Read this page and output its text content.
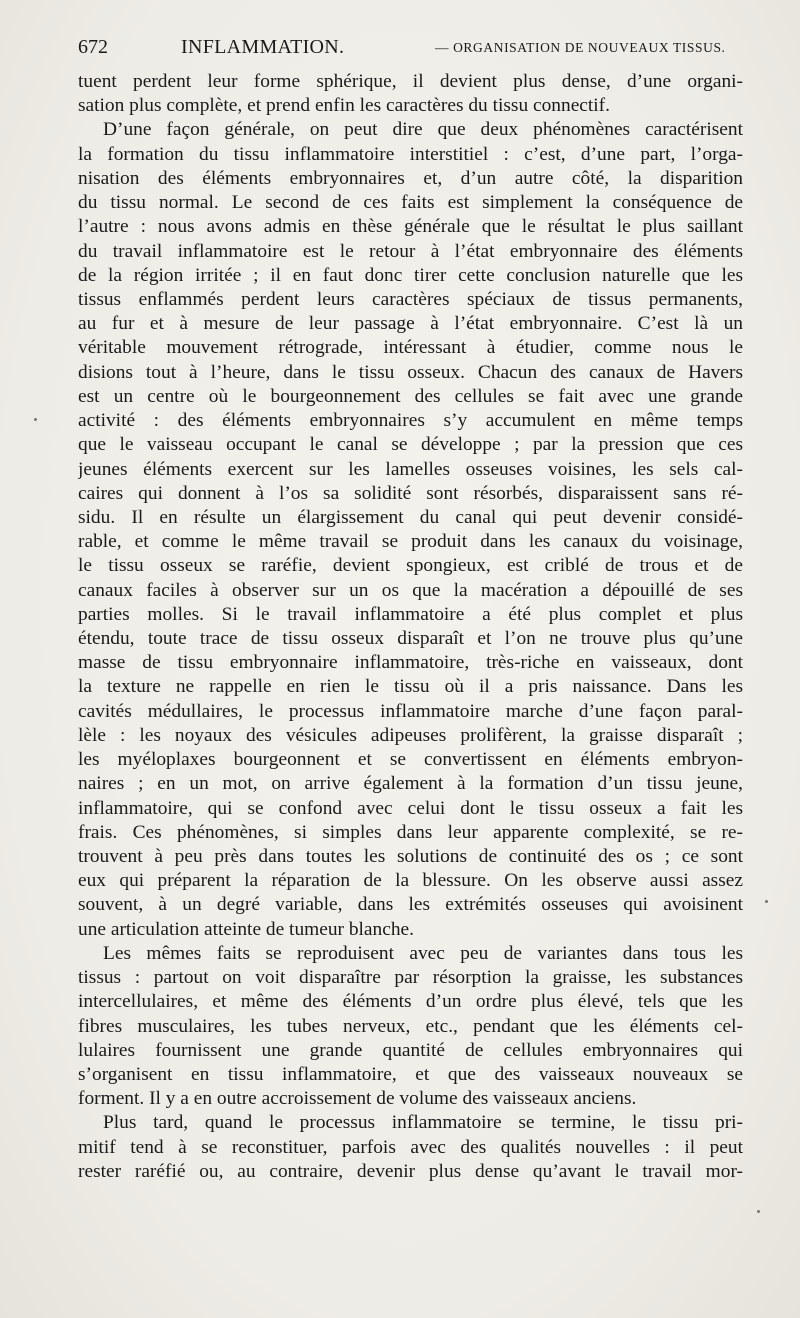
672	INFLAMMATION.	— ORGANISATION DE NOUVEAUX TISSUS.
tuent perdent leur forme sphérique, il devient plus dense, d’une organi-
sation plus complète, et prend enfin les caractères du tissu connectif.
D’une façon générale, on peut dire que deux phénomènes caractérisent
la formation du tissu inflammatoire interstitiel : c’est, d’une part, l’orga-
nisation des éléments embryonnaires et, d’un autre côté, la disparition
du tissu normal. Le second de ces faits est simplement la conséquence de
l’autre : nous avons admis en thèse générale que le résultat le plus saillant
du travail inflammatoire est le retour à l’état embryonnaire des éléments
de la région irritée ; il en faut donc tirer cette conclusion naturelle que les
tissus enflammés perdent leurs caractères spéciaux de tissus permanents,
au fur et à mesure de leur passage à l’état embryonnaire. C’est là un
véritable mouvement rétrograde, intéressant à étudier, comme nous le
disions tout à l’heure, dans le tissu osseux. Chacun des canaux de Havers
est un centre où le bourgeonnement des cellules se fait avec une grande
activité : des éléments embryonnaires s’y accumulent en même temps
que le vaisseau occupant le canal se développe ; par la pression que ces
jeunes éléments exercent sur les lamelles osseuses voisines, les sels cal-
caires qui donnent à l’os sa solidité sont résorbés, disparaissent sans ré-
sidu. Il en résulte un élargissement du canal qui peut devenir considé-
rable, et comme le même travail se produit dans les canaux du voisinage,
le tissu osseux se raréfie, devient spongieux, est criblé de trous et de
canaux faciles à observer sur un os que la macération a dépouillé de ses
parties molles. Si le travail inflammatoire a été plus complet et plus
étendu, toute trace de tissu osseux disparaît et l’on ne trouve plus qu’une
masse de tissu embryonnaire inflammatoire, très-riche en vaisseaux, dont
la texture ne rappelle en rien le tissu où il a pris naissance. Dans les
cavités médullaires, le processus inflammatoire marche d’une façon paral-
lèle : les noyaux des vésicules adipeuses prolifèrent, la graisse disparaît ;
les myéloplaxes bourgeonnent et se convertissent en éléments embryon-
naires ; en un mot, on arrive également à la formation d’un tissu jeune,
inflammatoire, qui se confond avec celui dont le tissu osseux a fait les
frais. Ces phénomènes, si simples dans leur apparente complexité, se re-
trouvent à peu près dans toutes les solutions de continuité des os ; ce sont
eux qui préparent la réparation de la blessure. On les observe aussi assez
souvent, à un degré variable, dans les extrémités osseuses qui avoisinent
une articulation atteinte de tumeur blanche.
Les mêmes faits se reproduisent avec peu de variantes dans tous les
tissus : partout on voit disparaître par résorption la graisse, les substances
intercellulaires, et même des éléments d’un ordre plus élevé, tels que les
fibres musculaires, les tubes nerveux, etc., pendant que les éléments cel-
lulaires fournissent une grande quantité de cellules embryonnaires qui
s’organisent en tissu inflammatoire, et que des vaisseaux nouveaux se
forment. Il y a en outre accroissement de volume des vaisseaux anciens.
Plus tard, quand le processus inflammatoire se termine, le tissu pri-
mitif tend à se reconstituer, parfois avec des qualités nouvelles : il peut
rester raréfié ou, au contraire, devenir plus dense qu’avant le travail mor-
